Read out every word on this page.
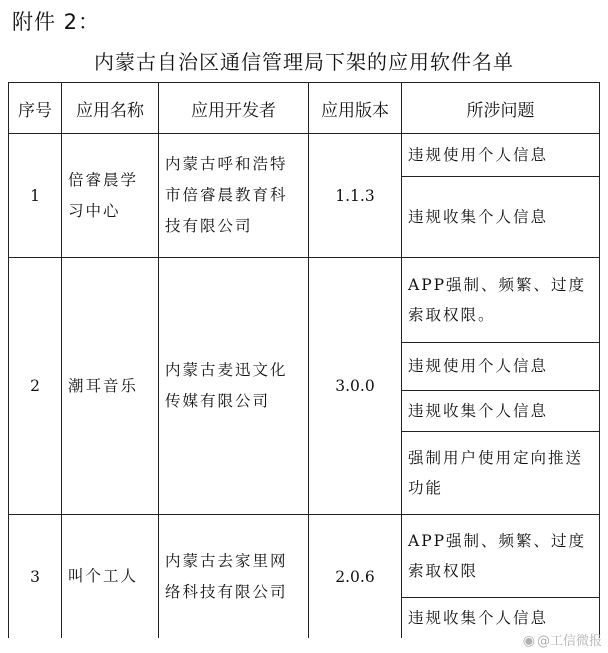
附件 2：
内蒙古自治区通信管理局下架的应用软件名单
序号	应用名称	应用开发者	应用版本	所涉问题
1	倍睿晨学习中心	内蒙古呼和浩特市倍睿晨教育科技有限公司	1.1.3	违规使用个人信息
				违规收集个人信息
2	潮耳音乐	内蒙古麦迅文化传媒有限公司	3.0.0	APP强制、频繁、过度索取权限。
				违规使用个人信息
				违规收集个人信息
				强制用户使用定向推送功能
3	叫个工人	内蒙古去家里网络科技有限公司	2.0.6	APP强制、频繁、过度索取权限
				违规收集个人信息
◉ @工信微报
